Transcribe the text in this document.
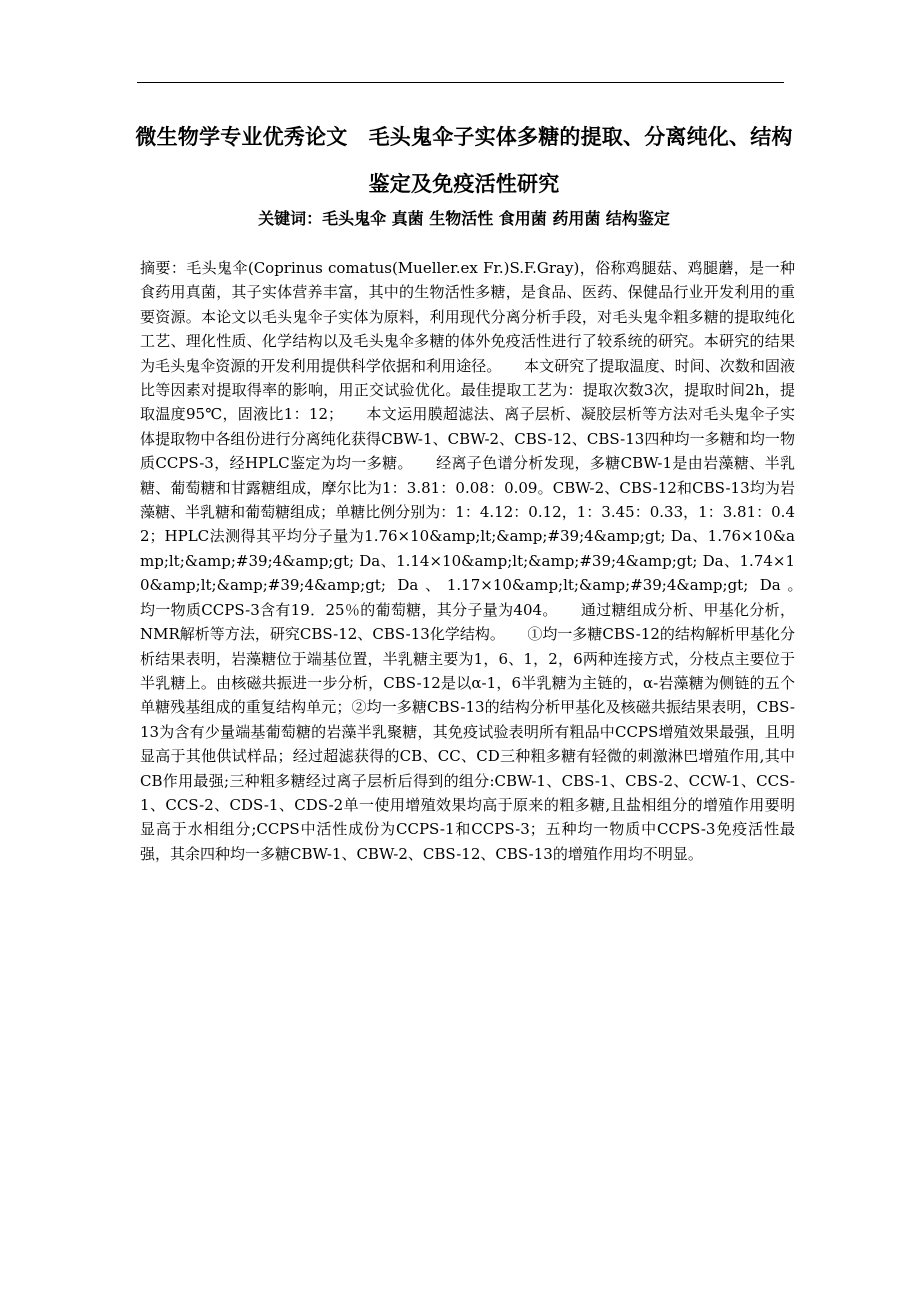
微生物学专业优秀论文　毛头鬼伞子实体多糖的提取、分离纯化、结构鉴定及免疫活性研究

关键词：毛头鬼伞 真菌 生物活性 食用菌 药用菌 结构鉴定

摘要：毛头鬼伞(Coprinus comatus(Mueller.ex Fr.)S.F.Gray)，俗称鸡腿菇、鸡腿蘑，是一种食药用真菌，其子实体营养丰富，其中的生物活性多糖，是食品、医药、保健品行业开发利用的重要资源。本论文以毛头鬼伞子实体为原料，利用现代分离分析手段，对毛头鬼伞粗多糖的提取纯化工艺、理化性质、化学结构以及毛头鬼伞多糖的体外免疫活性进行了较系统的研究。本研究的结果为毛头鬼伞资源的开发利用提供科学依据和利用途径。　　本文研究了提取温度、时间、次数和固液比等因素对提取得率的影响，用正交试验优化。最佳提取工艺为：提取次数3次，提取时间2h，提取温度95℃，固液比1：12；　　本文运用膜超滤法、离子层析、凝胶层析等方法对毛头鬼伞子实体提取物中各组份进行分离纯化获得CBW-1、CBW-2、CBS-12、CBS-13四种均一多糖和均一物质CCPS-3，经HPLC鉴定为均一多糖。　　经离子色谱分析发现，多糖CBW-1是由岩藻糖、半乳糖、葡萄糖和甘露糖组成，摩尔比为1：3.81：0.08：0.09。CBW-2、CBS-12和CBS-13均为岩藻糖、半乳糖和葡萄糖组成；单糖比例分别为：1：4.12：0.12，1：3.45：0.33，1：3.81：0.42；HPLC法测得其平均分子量为1.76×10&amp;lt;&amp;#39;4&amp;gt; Da、1.76×10&amp;lt;&amp;#39;4&amp;gt; Da、1.14×10&amp;lt;&amp;#39;4&amp;gt; Da、1.74×10&amp;lt;&amp;#39;4&amp;gt; Da、1.17×10&amp;lt;&amp;#39;4&amp;gt; Da。　　均一物质CCPS-3含有19．25％的葡萄糖，其分子量为404。　　通过糖组成分析、甲基化分析，NMR解析等方法，研究CBS-12、CBS-13化学结构。　　①均一多糖CBS-12的结构解析甲基化分析结果表明，岩藻糖位于端基位置，半乳糖主要为1，6、1，2，6两种连接方式，分枝点主要位于半乳糖上。由核磁共振进一步分析，CBS-12是以α-1，6半乳糖为主链的，α-岩藻糖为侧链的五个单糖残基组成的重复结构单元；②均一多糖CBS-13的结构分析甲基化及核磁共振结果表明，CBS-13为含有少量端基葡萄糖的岩藻半乳聚糖，其免疫试验表明所有粗品中CCPS增殖效果最强，且明显高于其他供试样品；经过超滤获得的CB、CC、CD三种粗多糖有轻微的刺激淋巴增殖作用,其中CB作用最强;三种粗多糖经过离子层析后得到的组分:CBW-1、CBS-1、CBS-2、CCW-1、CCS-1、CCS-2、CDS-1、CDS-2单一使用增殖效果均高于原来的粗多糖,且盐相组分的增殖作用要明显高于水相组分;CCPS中活性成份为CCPS-1和CCPS-3；五种均一物质中CCPS-3免疫活性最强，其余四种均一多糖CBW-1、CBW-2、CBS-12、CBS-13的增殖作用均不明显。
